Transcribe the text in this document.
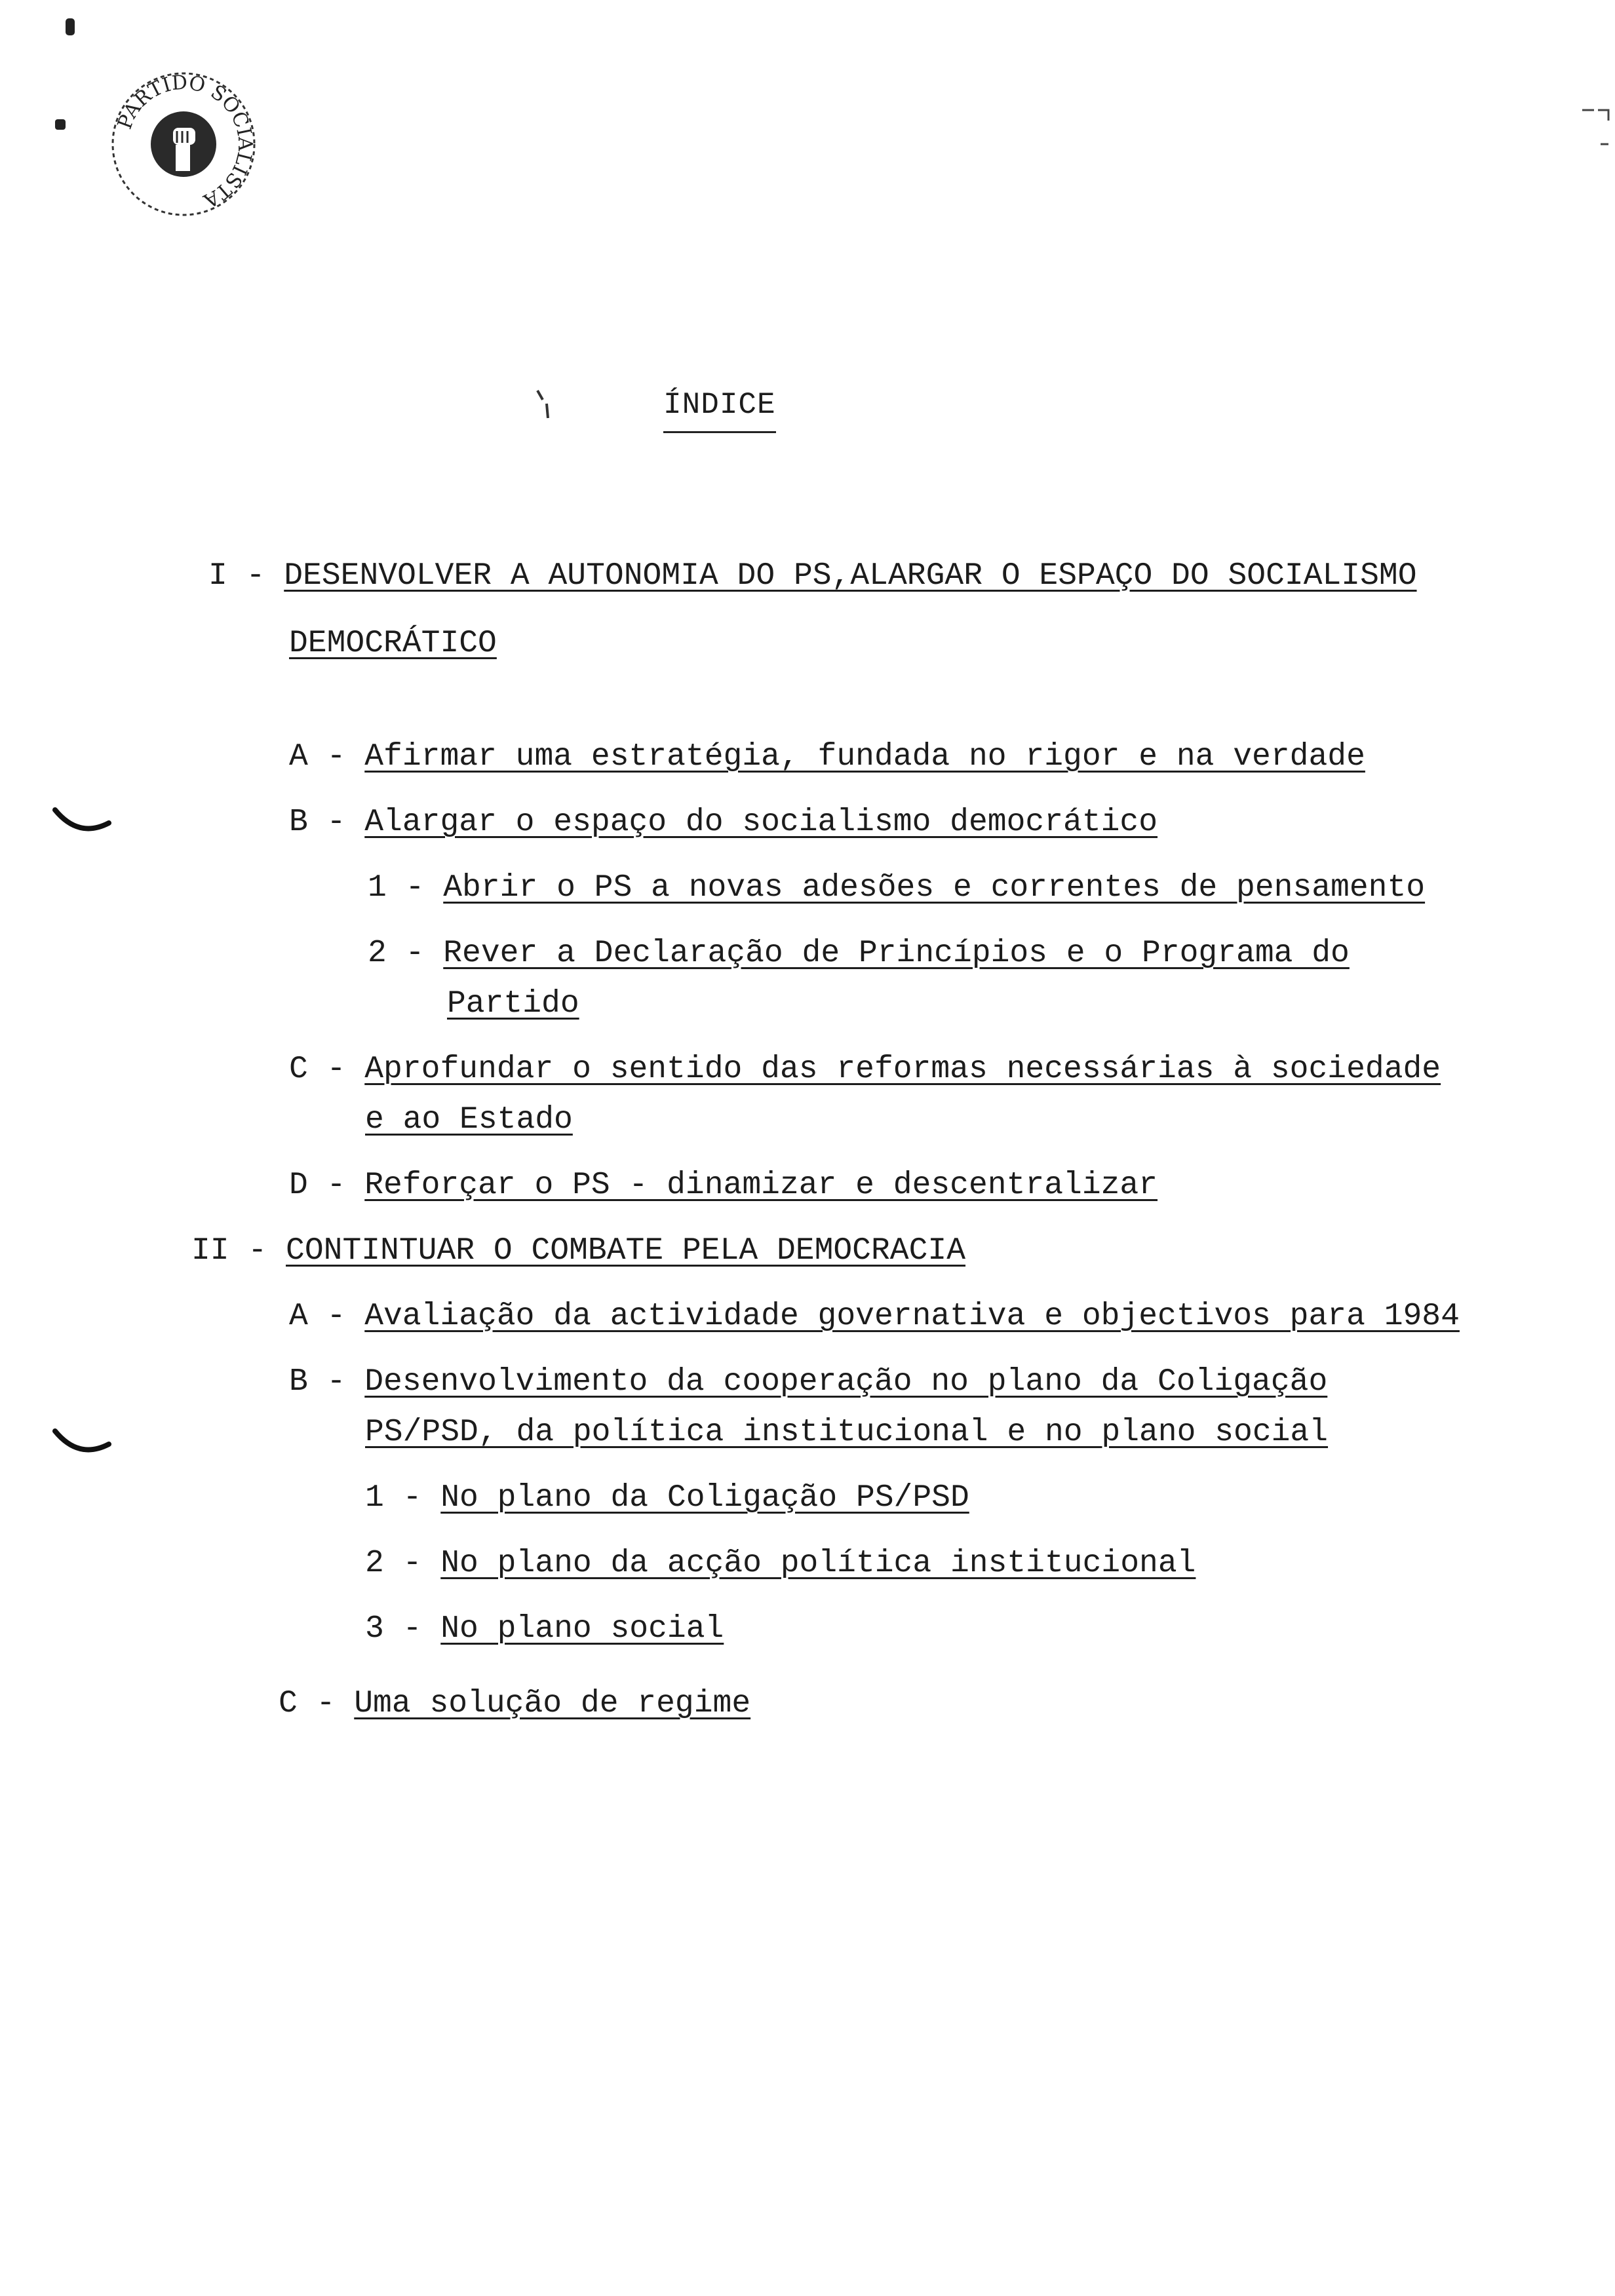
PARTIDO SOCIALISTA
ÍNDICE
I - DESENVOLVER A AUTONOMIA DO PS,ALARGAR O ESPAÇO DO SOCIALISMO
DEMOCRÁTICO
A - Afirmar uma estratégia, fundada no rigor e na verdade
B - Alargar o espaço do socialismo democrático
1 - Abrir o PS a novas adesões e correntes de pensamento
2 - Rever a Declaração de Princípios e o Programa do
Partido
C - Aprofundar o sentido das reformas necessárias à sociedade
e ao Estado
D - Reforçar o PS - dinamizar e descentralizar
II - CONTINTUAR O COMBATE PELA DEMOCRACIA
A - Avaliação da actividade governativa e objectivos para 1984
B - Desenvolvimento da cooperação no plano da Coligação
PS/PSD, da política institucional e no plano social
1 - No plano da Coligação PS/PSD
2 - No plano da acção política institucional
3 - No plano social
C - Uma solução de regime
